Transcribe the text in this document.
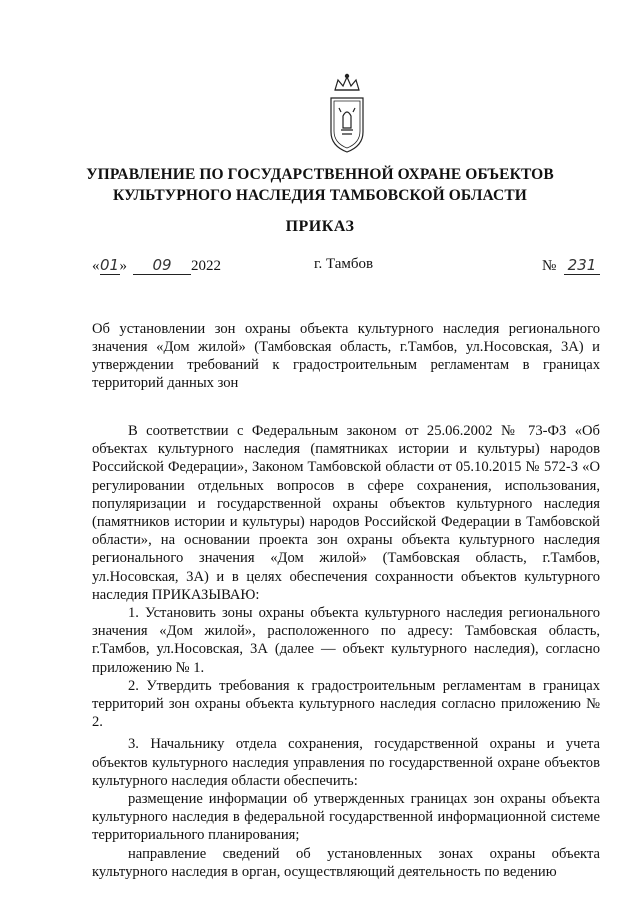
УПРАВЛЕНИЕ ПО ГОСУДАРСТВЕННОЙ ОХРАНЕ ОБЪЕКТОВ
КУЛЬТУРНОГО НАСЛЕДИЯ ТАМБОВСКОЙ ОБЛАСТИ
ПРИКАЗ
«01» 09 2022	г. Тамбов	№ 231
Об установлении зон охраны объекта культурного наследия регионального значения «Дом жилой» (Тамбовская область, г.Тамбов, ул.Носовская, 3А) и утверждении требований к градостроительным регламентам в границах территорий данных зон

В соответствии с Федеральным законом от 25.06.2002 № 73-ФЗ «Об объектах культурного наследия (памятниках истории и культуры) народов Российской Федерации», Законом Тамбовской области от 05.10.2015 № 572-З «О регулировании отдельных вопросов в сфере сохранения, использования, популяризации и государственной охраны объектов культурного наследия (памятников истории и культуры) народов Российской Федерации в Тамбовской области», на основании проекта зон охраны объекта культурного наследия регионального значения «Дом жилой» (Тамбовская область, г.Тамбов, ул.Носовская, 3А) и в целях обеспечения сохранности объектов культурного наследия ПРИКАЗЫВАЮ:

1. Установить зоны охраны объекта культурного наследия регионального значения «Дом жилой», расположенного по адресу: Тамбовская область, г.Тамбов, ул.Носовская, 3А (далее — объект культурного наследия), согласно приложению № 1.

2. Утвердить требования к градостроительным регламентам в границах территорий зон охраны объекта культурного наследия согласно приложению № 2.

3. Начальнику отдела сохранения, государственной охраны и учета объектов культурного наследия управления по государственной охране объектов культурного наследия области обеспечить:

размещение информации об утвержденных границах зон охраны объекта культурного наследия в федеральной государственной информационной системе территориального планирования;

направление сведений об установленных зонах охраны объекта культурного наследия в орган, осуществляющий деятельность по ведению
